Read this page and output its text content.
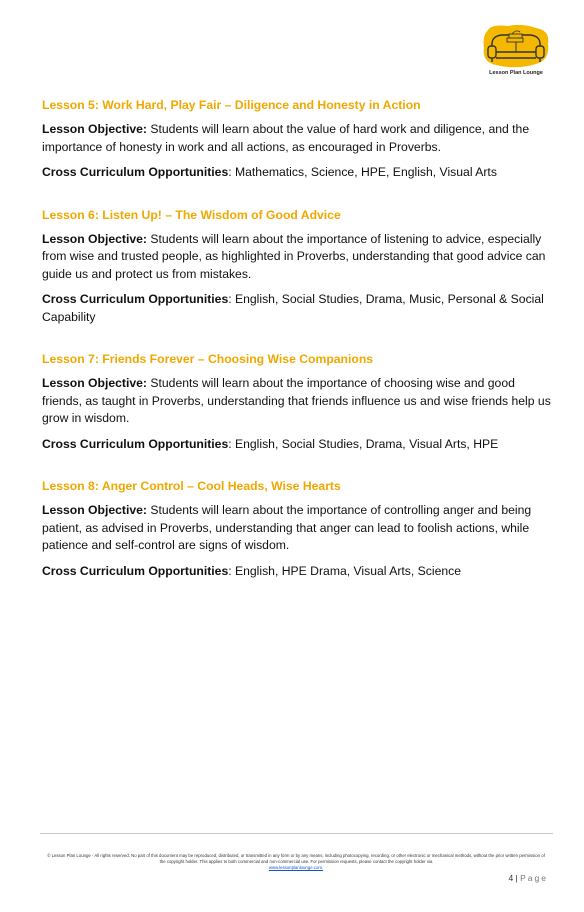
Lesson Plan Lounge
Lesson 5: Work Hard, Play Fair – Diligence and Honesty in Action

Lesson Objective: Students will learn about the value of hard work and diligence, and the importance of honesty in work and all actions, as encouraged in Proverbs.

Cross Curriculum Opportunities: Mathematics, Science, HPE, English, Visual Arts

Lesson 6: Listen Up! – The Wisdom of Good Advice

Lesson Objective: Students will learn about the importance of listening to advice, especially from wise and trusted people, as highlighted in Proverbs, understanding that good advice can guide us and protect us from mistakes.

Cross Curriculum Opportunities: English, Social Studies, Drama, Music, Personal & Social Capability

Lesson 7: Friends Forever – Choosing Wise Companions

Lesson Objective: Students will learn about the importance of choosing wise and good friends, as taught in Proverbs, understanding that friends influence us and wise friends help us grow in wisdom.

Cross Curriculum Opportunities: English, Social Studies, Drama, Visual Arts, HPE

Lesson 8: Anger Control – Cool Heads, Wise Hearts

Lesson Objective: Students will learn about the importance of controlling anger and being patient, as advised in Proverbs, understanding that anger can lead to foolish actions, while patience and self-control are signs of wisdom.

Cross Curriculum Opportunities: English, HPE Drama, Visual Arts, Science

© Lesson Plan Lounge - All rights reserved. No part of this document may be reproduced, distributed, or transmitted in any form or by any means, including photocopying, recording, or other electronic or mechanical methods, without the prior written permission of the copyright holder. This applies to both commercial and non-commercial use. For permission requests, please contact the copyright holder via
www.lessonplanlounge.com.
4 | Page
